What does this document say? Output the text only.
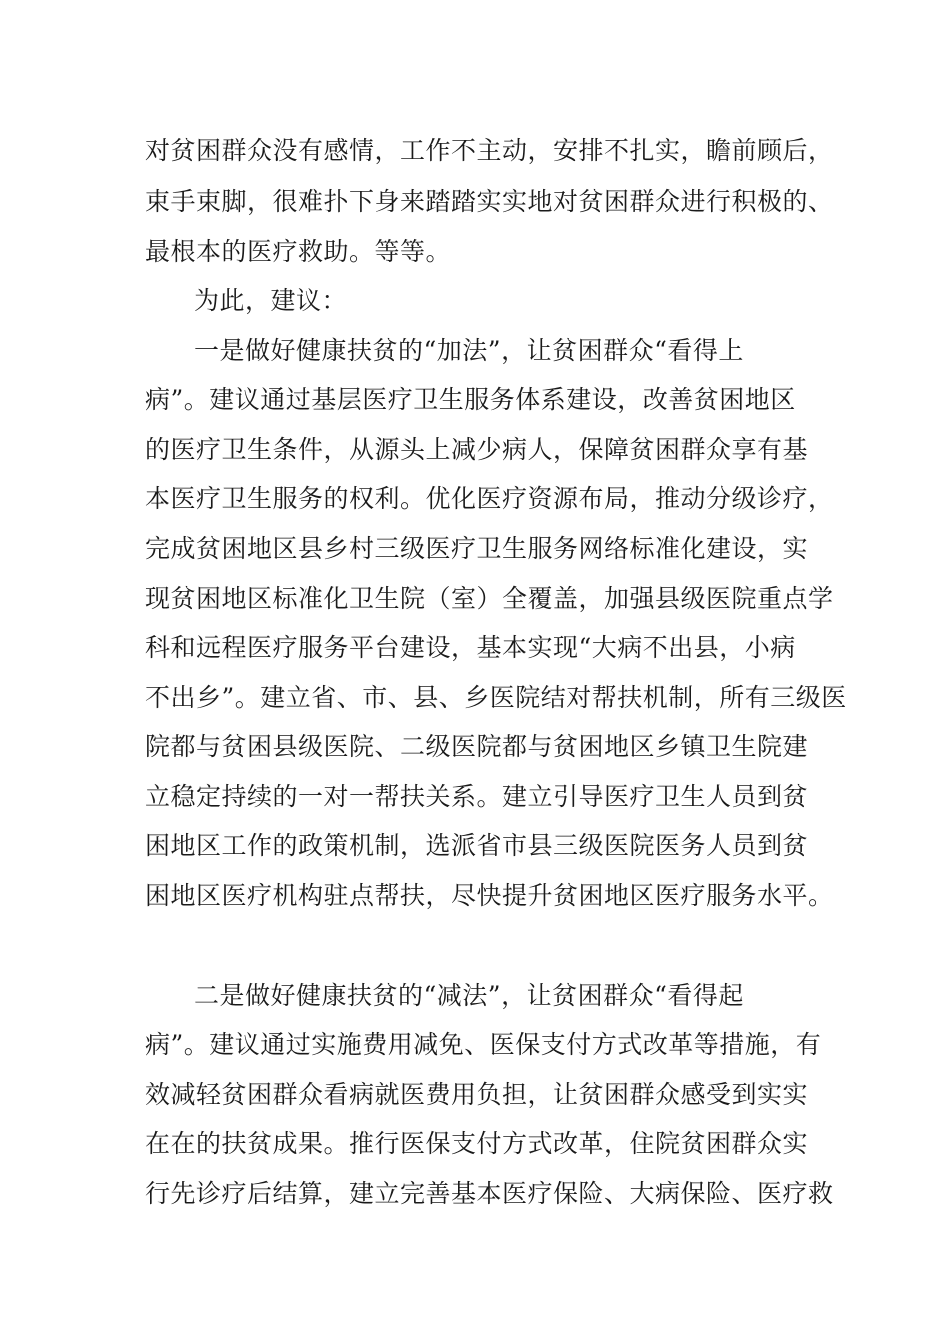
对贫困群众没有感情，工作不主动，安排不扎实，瞻前顾后，
束手束脚，很难扑下身来踏踏实实地对贫困群众进行积极的、
最根本的医疗救助。等等。
为此，建议：
一是做好健康扶贫的“加法”，让贫困群众“看得上
病”。建议通过基层医疗卫生服务体系建设，改善贫困地区
的医疗卫生条件，从源头上减少病人，保障贫困群众享有基
本医疗卫生服务的权利。优化医疗资源布局，推动分级诊疗，
完成贫困地区县乡村三级医疗卫生服务网络标准化建设，实
现贫困地区标准化卫生院（室）全覆盖，加强县级医院重点学
科和远程医疗服务平台建设，基本实现“大病不出县，小病
不出乡”。建立省、市、县、乡医院结对帮扶机制，所有三级医
院都与贫困县级医院、二级医院都与贫困地区乡镇卫生院建
立稳定持续的一对一帮扶关系。建立引导医疗卫生人员到贫
困地区工作的政策机制，选派省市县三级医院医务人员到贫
困地区医疗机构驻点帮扶，尽快提升贫困地区医疗服务水平。
二是做好健康扶贫的“减法”，让贫困群众“看得起
病”。建议通过实施费用减免、医保支付方式改革等措施，有
效减轻贫困群众看病就医费用负担，让贫困群众感受到实实
在在的扶贫成果。推行医保支付方式改革，住院贫困群众实
行先诊疗后结算，建立完善基本医疗保险、大病保险、医疗救
